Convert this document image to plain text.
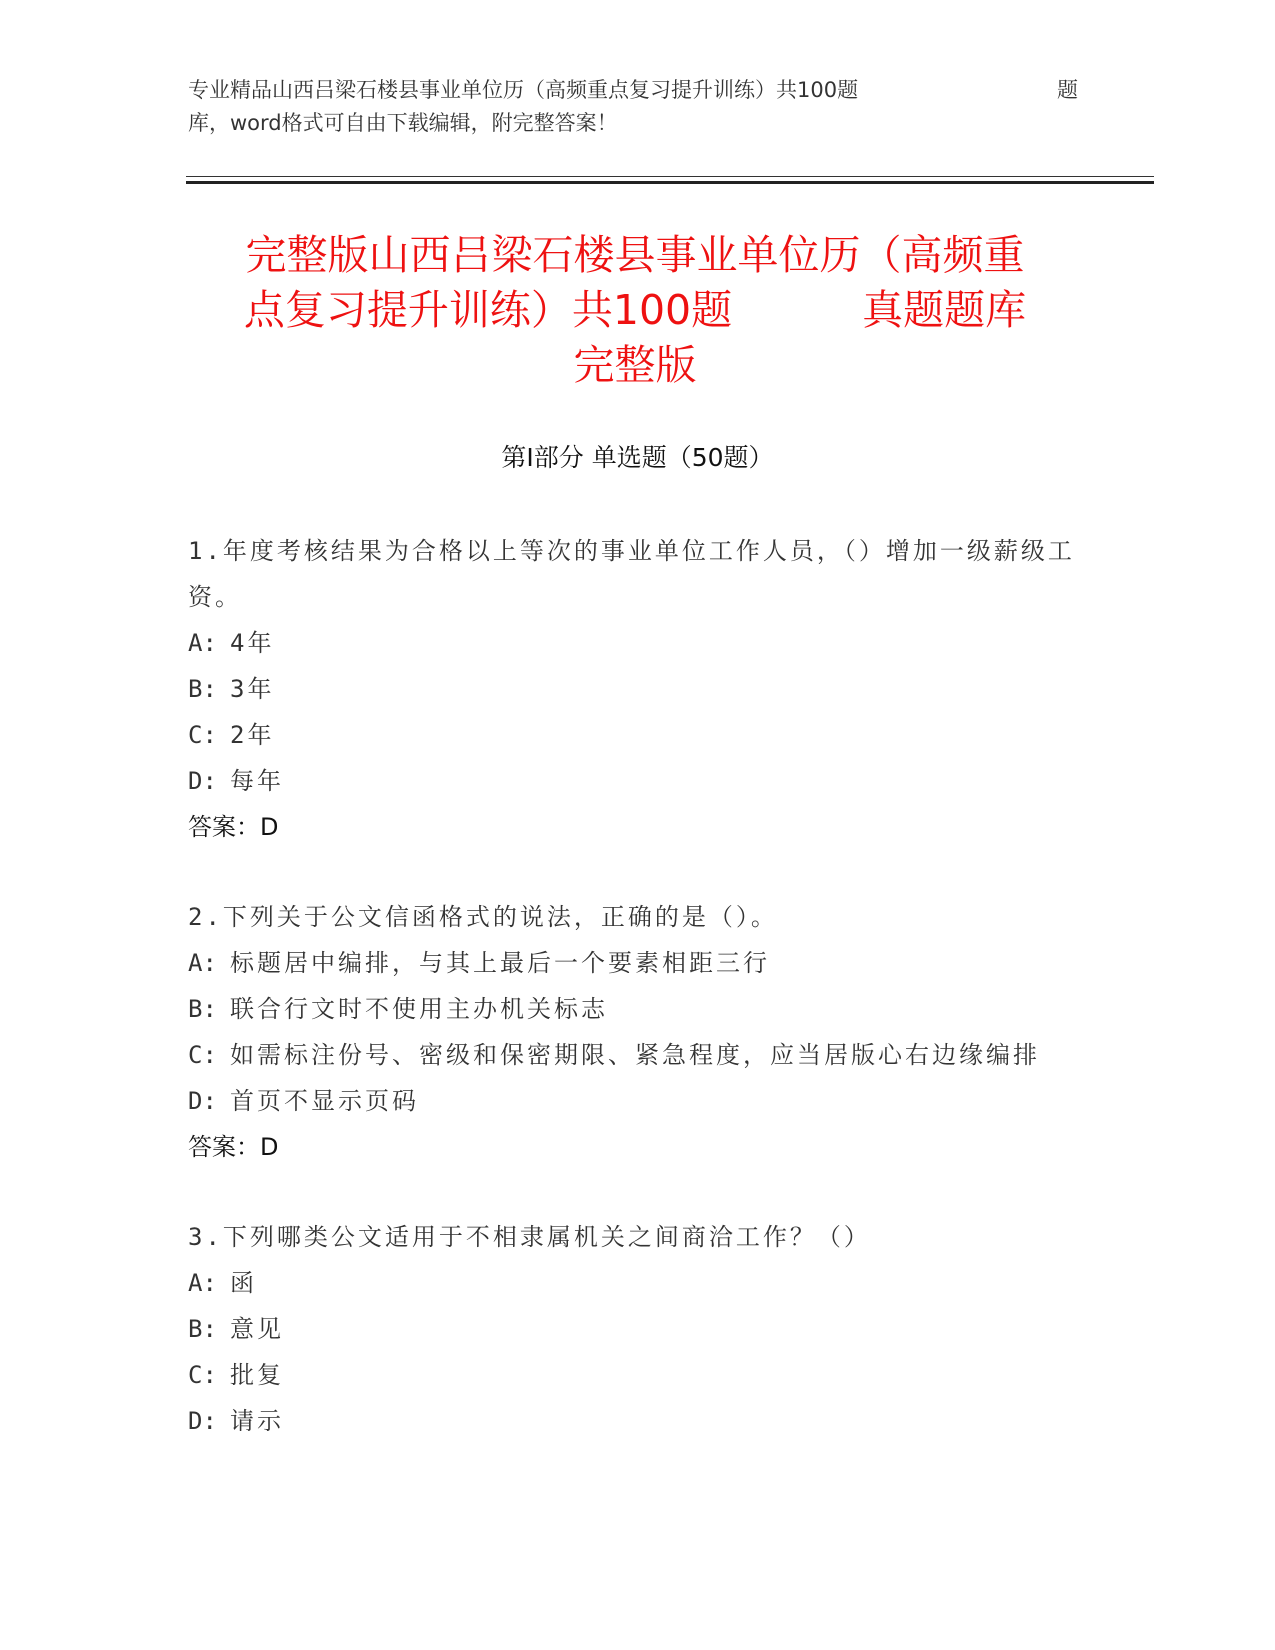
专业精品山西吕梁石楼县事业单位历（高频重点复习提升训练）共100题	题
库，word格式可自由下载编辑，附完整答案！
完整版山西吕梁石楼县事业单位历（高频重
点复习提升训练）共100题	真题题库
完整版
第Ⅰ部分 单选题（50题）
1.年度考核结果为合格以上等次的事业单位工作人员，（）增加一级薪级工资。
A: 4年
B: 3年
C: 2年
D: 每年
答案：D
2.下列关于公文信函格式的说法，正确的是（）。
A: 标题居中编排，与其上最后一个要素相距三行
B: 联合行文时不使用主办机关标志
C: 如需标注份号、密级和保密期限、紧急程度，应当居版心右边缘编排
D: 首页不显示页码
答案：D
3.下列哪类公文适用于不相隶属机关之间商洽工作？（）
A: 函
B: 意见
C: 批复
D: 请示
